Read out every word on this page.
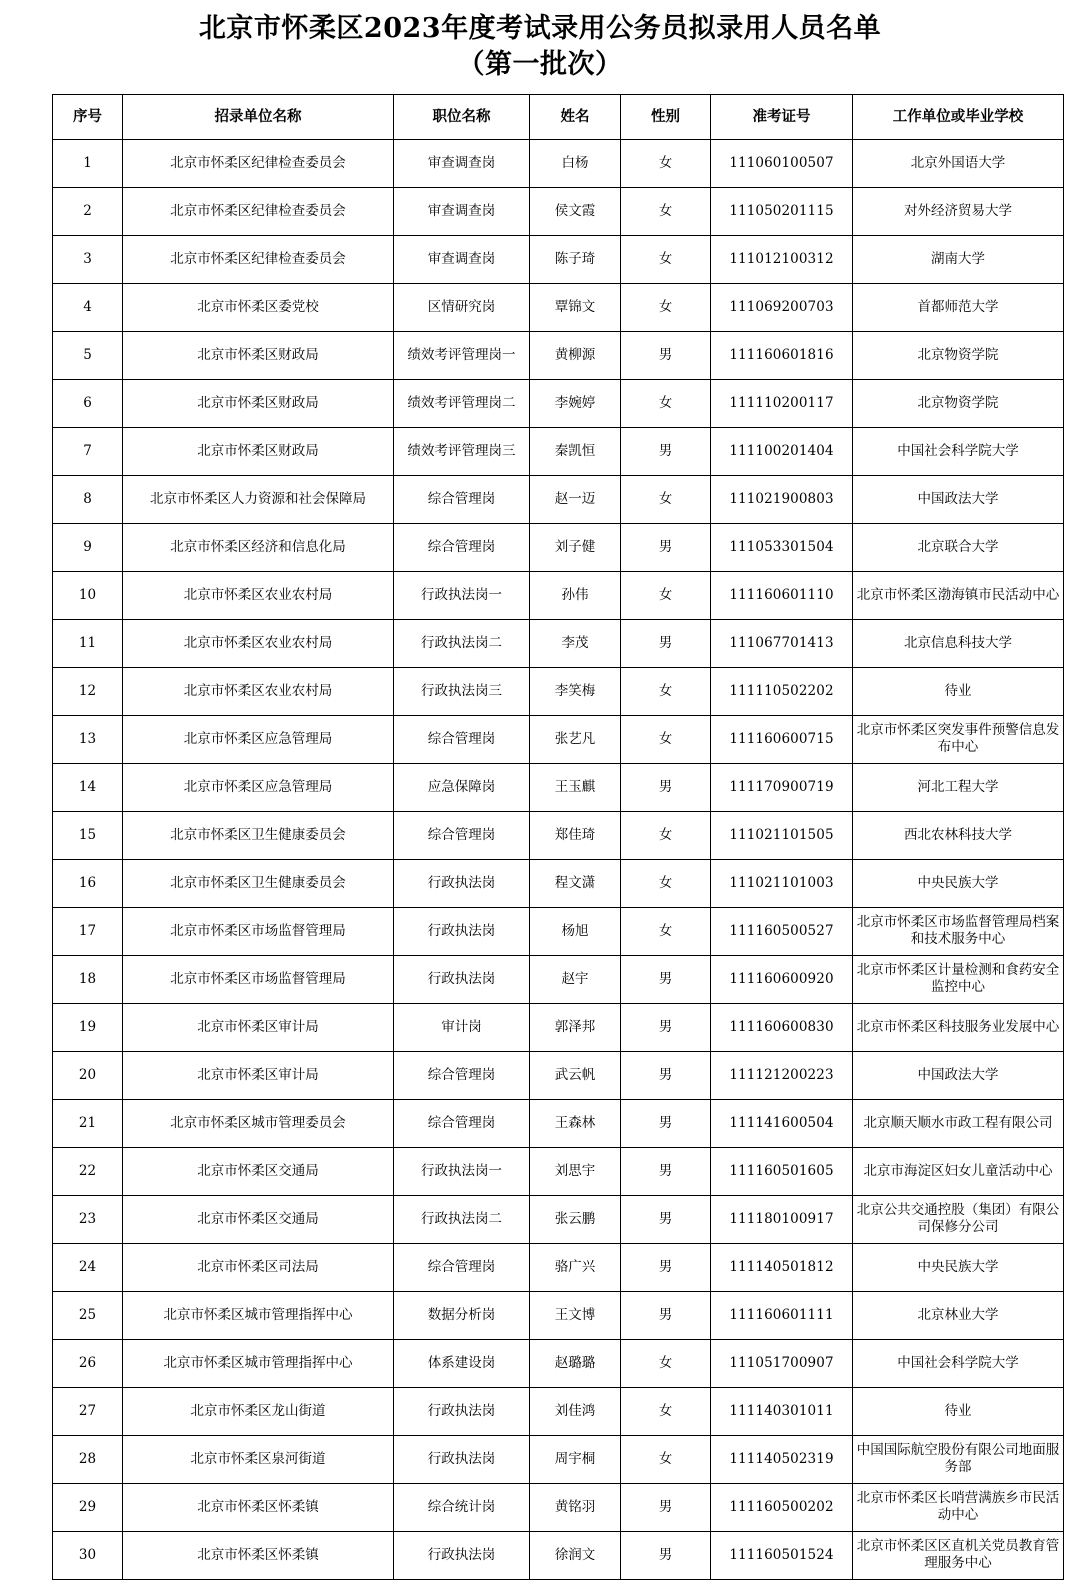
北京市怀柔区2023年度考试录用公务员拟录用人员名单
（第一批次）
序号	招录单位名称	职位名称	姓名	性别	准考证号	工作单位或毕业学校
1	北京市怀柔区纪律检查委员会	审查调查岗	白杨	女	111060100507	北京外国语大学
2	北京市怀柔区纪律检查委员会	审查调查岗	侯文霞	女	111050201115	对外经济贸易大学
3	北京市怀柔区纪律检查委员会	审查调查岗	陈子琦	女	111012100312	湖南大学
4	北京市怀柔区委党校	区情研究岗	覃锦文	女	111069200703	首都师范大学
5	北京市怀柔区财政局	绩效考评管理岗一	黄柳源	男	111160601816	北京物资学院
6	北京市怀柔区财政局	绩效考评管理岗二	李婉婷	女	111110200117	北京物资学院
7	北京市怀柔区财政局	绩效考评管理岗三	秦凯恒	男	111100201404	中国社会科学院大学
8	北京市怀柔区人力资源和社会保障局	综合管理岗	赵一迈	女	111021900803	中国政法大学
9	北京市怀柔区经济和信息化局	综合管理岗	刘子健	男	111053301504	北京联合大学
10	北京市怀柔区农业农村局	行政执法岗一	孙伟	女	111160601110	北京市怀柔区渤海镇市民活动中心
11	北京市怀柔区农业农村局	行政执法岗二	李茂	男	111067701413	北京信息科技大学
12	北京市怀柔区农业农村局	行政执法岗三	李笑梅	女	111110502202	待业
13	北京市怀柔区应急管理局	综合管理岗	张艺凡	女	111160600715	北京市怀柔区突发事件预警信息发布中心
14	北京市怀柔区应急管理局	应急保障岗	王玉麒	男	111170900719	河北工程大学
15	北京市怀柔区卫生健康委员会	综合管理岗	郑佳琦	女	111021101505	西北农林科技大学
16	北京市怀柔区卫生健康委员会	行政执法岗	程文潇	女	111021101003	中央民族大学
17	北京市怀柔区市场监督管理局	行政执法岗	杨旭	女	111160500527	北京市怀柔区市场监督管理局档案和技术服务中心
18	北京市怀柔区市场监督管理局	行政执法岗	赵宇	男	111160600920	北京市怀柔区计量检测和食药安全监控中心
19	北京市怀柔区审计局	审计岗	郭泽邦	男	111160600830	北京市怀柔区科技服务业发展中心
20	北京市怀柔区审计局	综合管理岗	武云帆	男	111121200223	中国政法大学
21	北京市怀柔区城市管理委员会	综合管理岗	王森林	男	111141600504	北京顺天顺水市政工程有限公司
22	北京市怀柔区交通局	行政执法岗一	刘思宇	男	111160501605	北京市海淀区妇女儿童活动中心
23	北京市怀柔区交通局	行政执法岗二	张云鹏	男	111180100917	北京公共交通控股（集团）有限公司保修分公司
24	北京市怀柔区司法局	综合管理岗	骆广兴	男	111140501812	中央民族大学
25	北京市怀柔区城市管理指挥中心	数据分析岗	王文博	男	111160601111	北京林业大学
26	北京市怀柔区城市管理指挥中心	体系建设岗	赵璐璐	女	111051700907	中国社会科学院大学
27	北京市怀柔区龙山街道	行政执法岗	刘佳鸿	女	111140301011	待业
28	北京市怀柔区泉河街道	行政执法岗	周宇桐	女	111140502319	中国国际航空股份有限公司地面服务部
29	北京市怀柔区怀柔镇	综合统计岗	黄铭羽	男	111160500202	北京市怀柔区长哨营满族乡市民活动中心
30	北京市怀柔区怀柔镇	行政执法岗	徐润文	男	111160501524	北京市怀柔区区直机关党员教育管理服务中心
